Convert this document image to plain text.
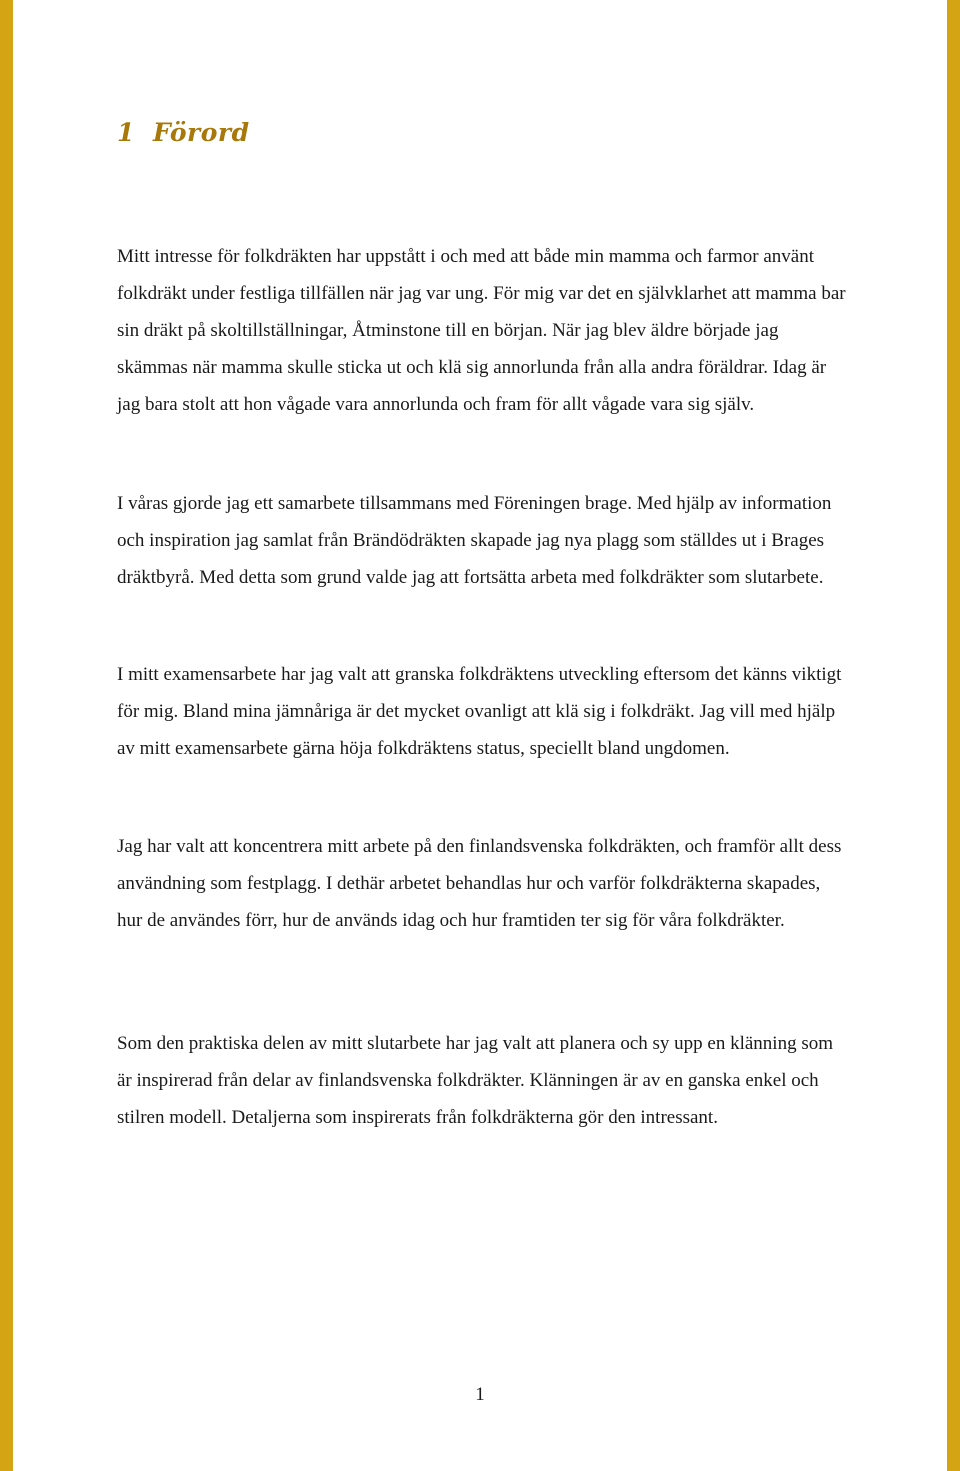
1 Förord

Mitt intresse för folkdräkten har uppstått i och med att både min mamma och farmor använt folkdräkt under festliga tillfällen när jag var ung. För mig var det en självklarhet att mamma bar sin dräkt på skoltillställningar, Åtminstone till en början. När jag blev äldre började jag skämmas när mamma skulle sticka ut och klä sig annorlunda från alla andra föräldrar. Idag är jag bara stolt att hon vågade vara annorlunda och fram för allt vågade vara sig själv.

I våras gjorde jag ett samarbete tillsammans med Föreningen brage. Med hjälp av information och inspiration jag samlat från Brändödräkten skapade jag nya plagg som ställdes ut i Brages dräktbyrå. Med detta som grund valde jag att fortsätta arbeta med folkdräkter som slutarbete.

I mitt examensarbete har jag valt att granska folkdräktens utveckling eftersom det känns viktigt för mig. Bland mina jämnåriga är det mycket ovanligt att klä sig i folkdräkt. Jag vill med hjälp av mitt examensarbete gärna höja folkdräktens status, speciellt bland ungdomen.

Jag har valt att koncentrera mitt arbete på den finlandsvenska folkdräkten, och framför allt dess användning som festplagg. I dethär arbetet behandlas hur och varför folkdräkterna skapades, hur de användes förr, hur de används idag och hur framtiden ter sig för våra folkdräkter.

Som den praktiska delen av mitt slutarbete har jag valt att planera och sy upp en klänning som är inspirerad från delar av finlandsvenska folkdräkter. Klänningen är av en ganska enkel och stilren modell. Detaljerna som inspirerats från folkdräkterna gör den intressant.

1
